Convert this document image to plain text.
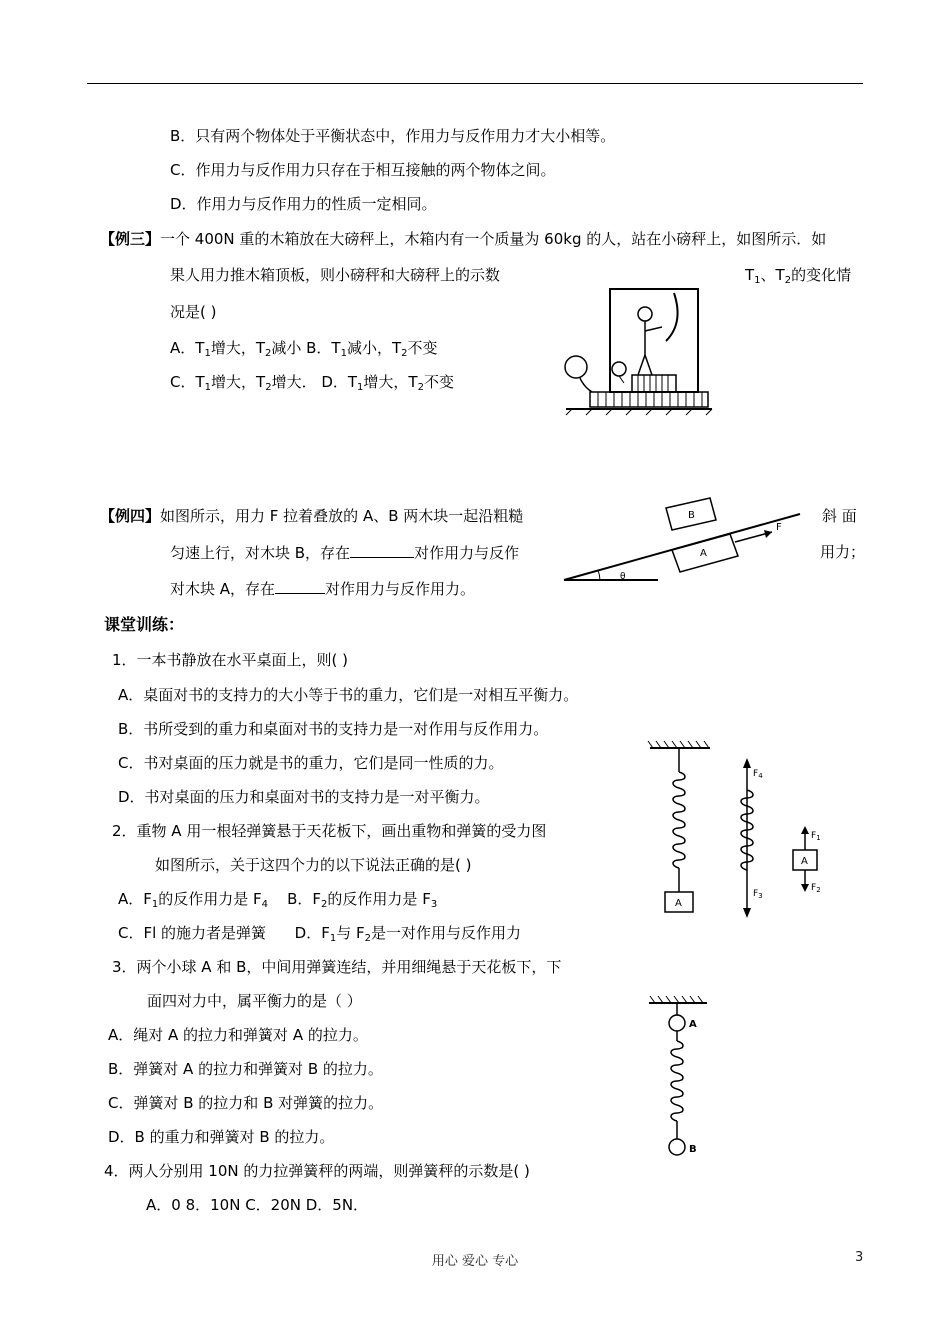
B．只有两个物体处于平衡状态中，作用力与反作用力才大小相等。
C．作用力与反作用力只存在于相互接触的两个物体之间。
D．作用力与反作用力的性质一定相同。
【例三】一个 400N 重的木箱放在大磅秤上，木箱内有一个质量为 60kg 的人，站在小磅秤上，如图所示．如
果人用力推木箱顶板，则小磅秤和大磅秤上的示数	$T_1$、$T_2$的变化情
况是( )
A．$T_1$增大，$T_2$减小 B．$T_1$减小，$T_2$不变
C．$T_1$增大，$T_2$增大． D．$T_1$增大，$T_2$不变
【例四】如图所示，用力 F 拉着叠放的 A、B 两木块一起沿粗糙	斜 面
匀速上行，对木块 B，存在	对作用力与反作	用力；
对木块 A，存在	对作用力与反作用力。
θ
B
A
F
课堂训练：
1．一本书静放在水平桌面上，则( )
A．桌面对书的支持力的大小等于书的重力，它们是一对相互平衡力。
B．书所受到的重力和桌面对书的支持力是一对作用与反作用力。
C．书对桌面的压力就是书的重力，它们是同一性质的力。
D．书对桌面的压力和桌面对书的支持力是一对平衡力。
2．重物 A 用一根轻弹簧悬于天花板下，画出重物和弹簧的受力图
如图所示，关于这四个力的以下说法正确的是( )
A．$F_1$的反作用力是 $F_4$ B．$F_2$的反作用力是 $F_3$
C．Fl 的施力者是弹簧 D．$F_1$与 $F_2$是一对作用与反作用力
A
$F_4$
$F_3$
A
$F_1$
$F_2$
3．两个小球 A 和 B，中间用弹簧连结，并用细绳悬于天花板下，下
面四对力中，属平衡力的是（ ）
A．绳对 A 的拉力和弹簧对 A 的拉力。
B．弹簧对 A 的拉力和弹簧对 B 的拉力。
C．弹簧对 B 的拉力和 B 对弹簧的拉力。
D．B 的重力和弹簧对 B 的拉力。
A
B
4．两人分别用 10N 的力拉弹簧秤的两端，则弹簧秤的示数是( )
A．0 8．10N C．20N D．5N．
用心 爱心 专心	3
